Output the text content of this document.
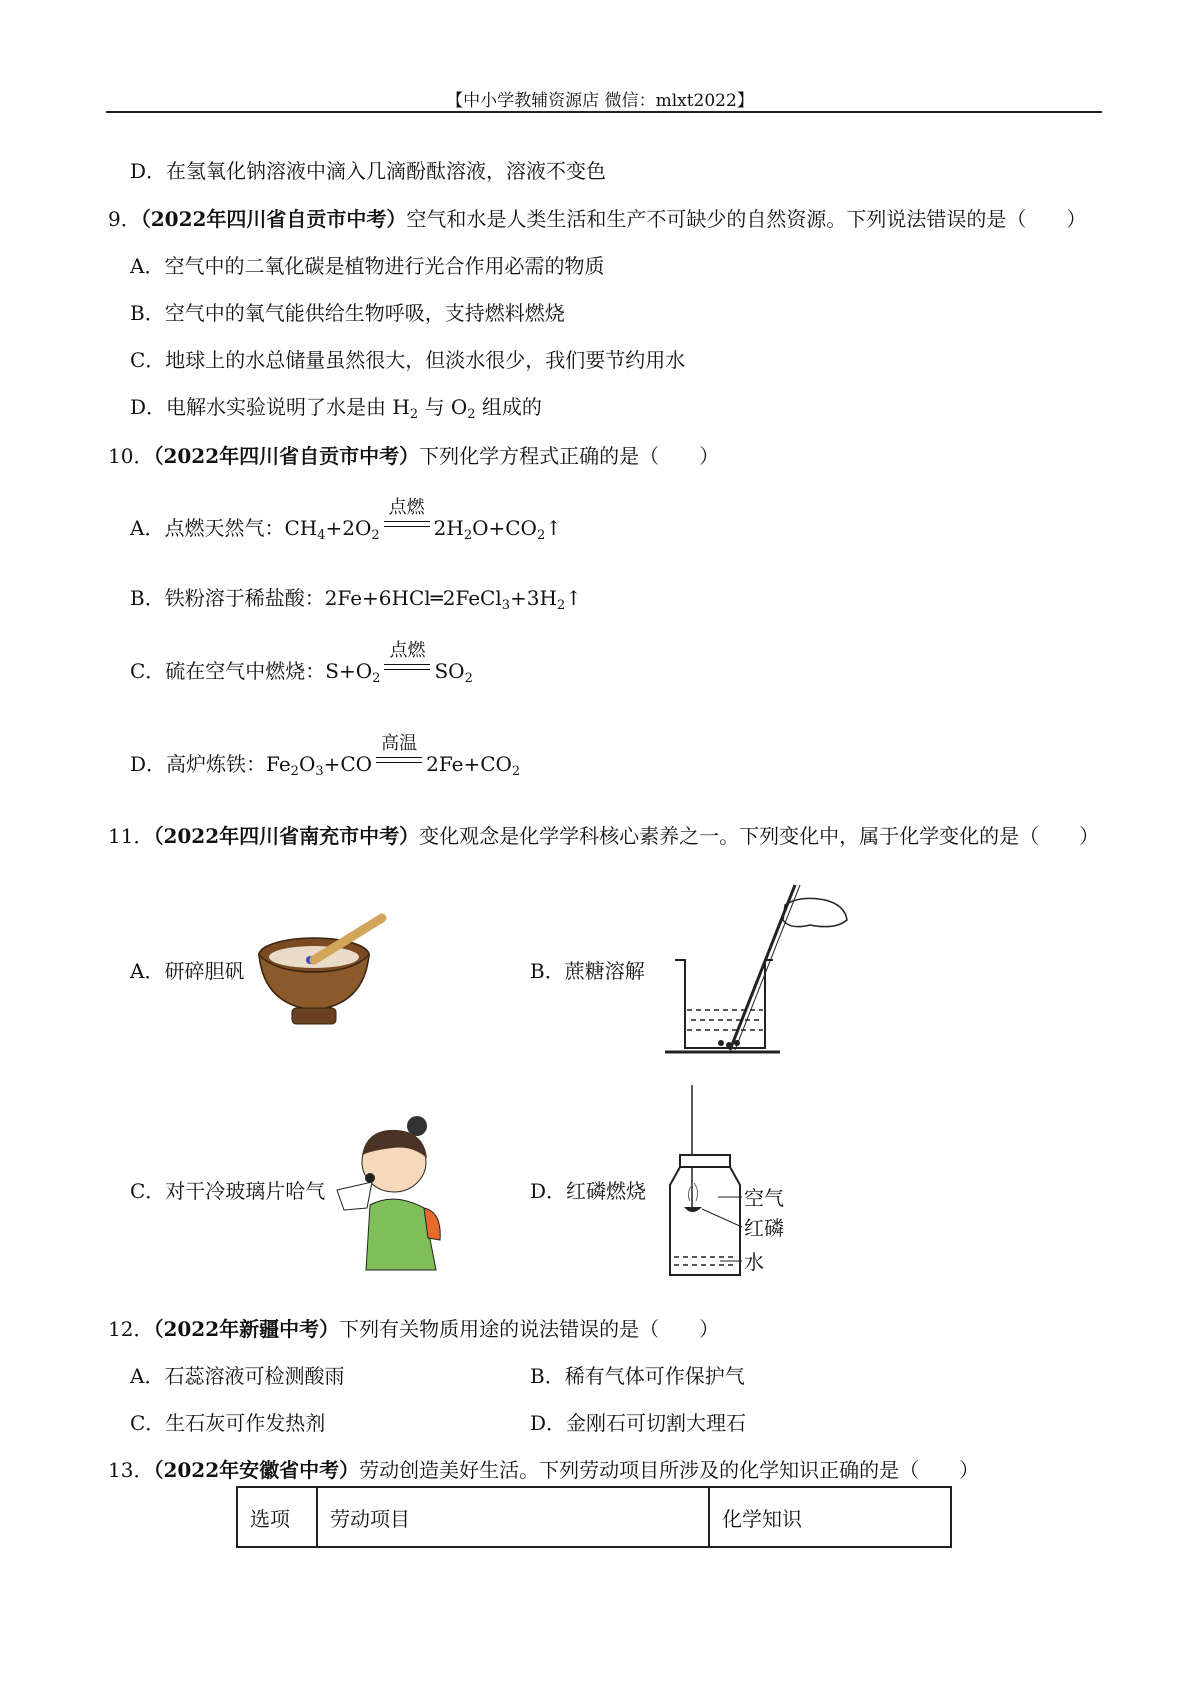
【中小学教辅资源店 微信：mlxt2022】
D．在氢氧化钠溶液中滴入几滴酚酞溶液，溶液不变色
9．（2022年四川省自贡市中考）空气和水是人类生活和生产不可缺少的自然资源。下列说法错误的是（　　）
A．空气中的二氧化碳是植物进行光合作用必需的物质
B．空气中的氧气能供给生物呼吸，支持燃料燃烧
C．地球上的水总储量虽然很大，但淡水很少，我们要节约用水
D．电解水实验说明了水是由 $H_2$ 与 $O_2$ 组成的
10．（2022年四川省自贡市中考）下列化学方程式正确的是（　　）
A．点燃天然气：$CH_4+2O_2$
点燃
$2H_2O+CO_2↑$
B．铁粉溶于稀盐酸：$2Fe+6HCl═2FeCl_3+3H_2↑$
C．硫在空气中燃烧：$S+O_2$
点燃
$SO_2$
D．高炉炼铁：$Fe_2O_3+CO$
高温
$2Fe+CO_2$
11．（2022年四川省南充市中考）变化观念是化学学科核心素养之一。下列变化中，属于化学变化的是（　　）
A．研碎胆矾	B．蔗糖溶解
C．对干冷玻璃片哈气	D．红磷燃烧	空气
红磷
水
12．（2022年新疆中考）下列有关物质用途的说法错误的是（　　）
A．石蕊溶液可检测酸雨	B．稀有气体可作保护气
C．生石灰可作发热剂	D．金刚石可切割大理石
13．（2022年安徽省中考）劳动创造美好生活。下列劳动项目所涉及的化学知识正确的是（　　）
选项	劳动项目	化学知识
